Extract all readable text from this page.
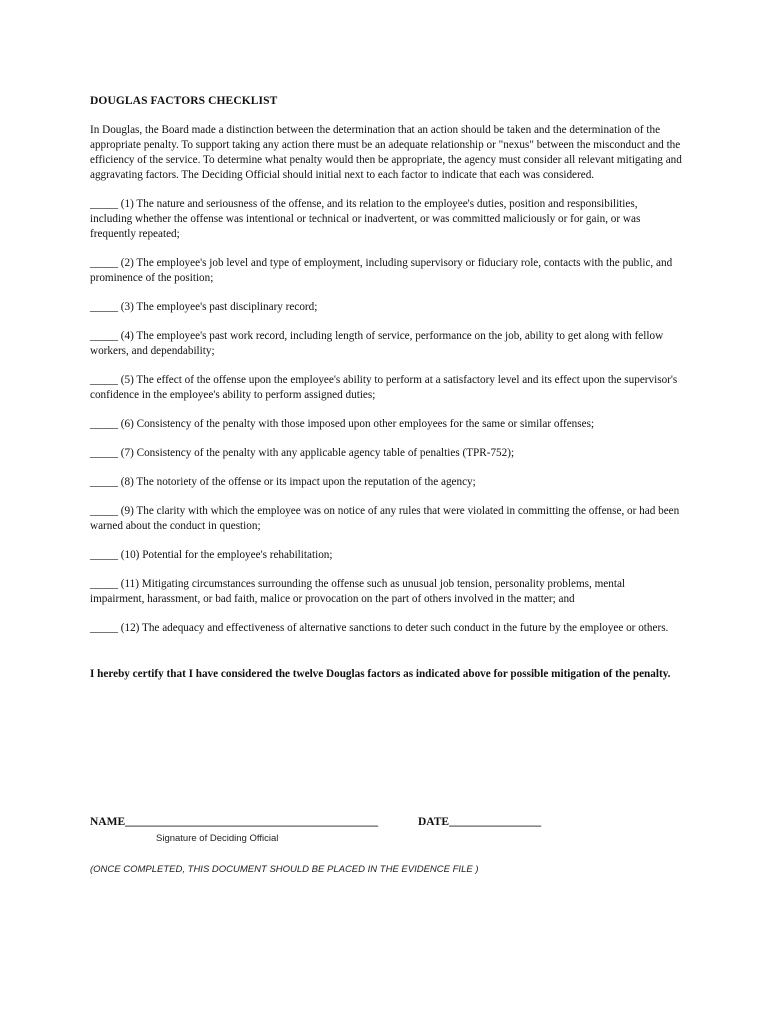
DOUGLAS FACTORS CHECKLIST
In Douglas, the Board made a distinction between the determination that an action should be taken and the determination of the appropriate penalty. To support taking any action there must be an adequate relationship or "nexus" between the misconduct and the efficiency of the service. To determine what penalty would then be appropriate, the agency must consider all relevant mitigating and aggravating factors. The Deciding Official should initial next to each factor to indicate that each was considered.
_____ (1) The nature and seriousness of the offense, and its relation to the employee's duties, position and responsibilities, including whether the offense was intentional or technical or inadvertent, or was committed maliciously or for gain, or was frequently repeated;
_____ (2) The employee's job level and type of employment, including supervisory or fiduciary role, contacts with the public, and prominence of the position;
_____ (3) The employee's past disciplinary record;
_____ (4) The employee's past work record, including length of service, performance on the job, ability to get along with fellow workers, and dependability;
_____ (5) The effect of the offense upon the employee's ability to perform at a satisfactory level and its effect upon the supervisor's confidence in the employee's ability to perform assigned duties;
_____ (6) Consistency of the penalty with those imposed upon other employees for the same or similar offenses;
_____ (7) Consistency of the penalty with any applicable agency table of penalties (TPR-752);
_____ (8) The notoriety of the offense or its impact upon the reputation of the agency;
_____ (9) The clarity with which the employee was on notice of any rules that were violated in committing the offense, or had been warned about the conduct in question;
_____ (10) Potential for the employee's rehabilitation;
_____ (11) Mitigating circumstances surrounding the offense such as unusual job tension, personality problems, mental impairment, harassment, or bad faith, malice or provocation on the part of others involved in the matter; and
_____ (12) The adequacy and effectiveness of alternative sanctions to deter such conduct in the future by the employee or others.
I hereby certify that I have considered the twelve Douglas factors as indicated above for possible mitigation of the penalty.
NAME____________________________________________	DATE________________
Signature of Deciding Official
(ONCE COMPLETED, THIS DOCUMENT SHOULD BE PLACED IN THE EVIDENCE FILE )
